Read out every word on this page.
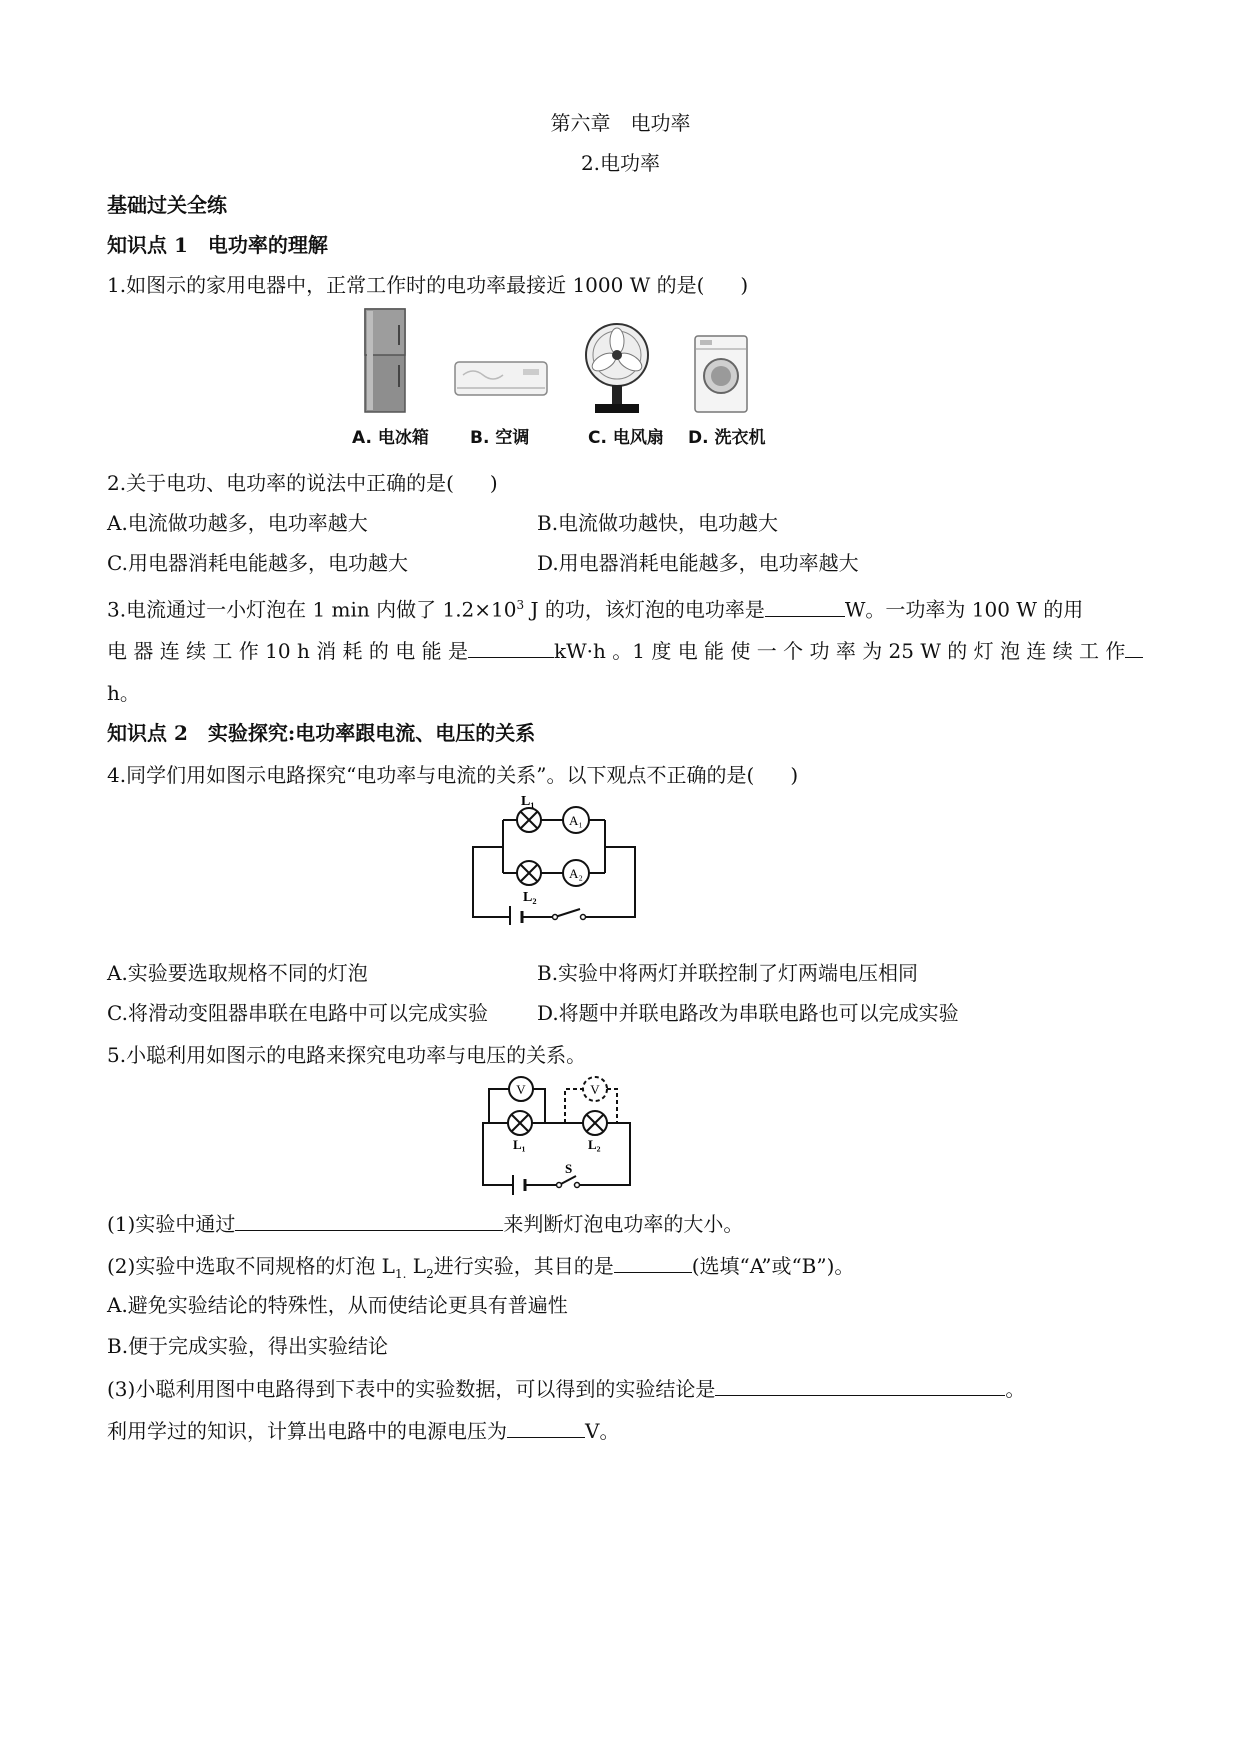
第六章　电功率
2.电功率
基础过关全练
知识点 1　电功率的理解
1.如图示的家用电器中，正常工作时的电功率最接近 1000 W 的是( )
A. 电冰箱 B. 空调	C. 电风扇 D. 洗衣机
2.关于电功、电功率的说法中正确的是( )
A.电流做功越多，电功率越大	B.电流做功越快，电功越大
C.用电器消耗电能越多，电功越大	D.用电器消耗电能越多，电功率越大
3.电流通过一小灯泡在 1 min 内做了 $1.2\times 10^3$ J 的功，该灯泡的电功率是	W。一功率为 100 W 的用
电 器 连 续 工 作 10 h 消 耗 的 电 能 是	kW·h 。1 度 电 能 使 一 个 功 率 为 25 W 的 灯 泡 连 续 工 作
h。
知识点 2　实验探究:电功率跟电流、电压的关系
4.同学们用如图示电路探究“电功率与电流的关系”。以下观点不正确的是( )
A₁
A₂
L₁
L₂
A.实验要选取规格不同的灯泡	B.实验中将两灯并联控制了灯两端电压相同
C.将滑动变阻器串联在电路中可以完成实验 D.将题中并联电路改为串联电路也可以完成实验
5.小聪利用如图示的电路来探究电功率与电压的关系。
V	V
L₁	L₂
S
(1)实验中通过	来判断灯泡电功率的大小。
(2)实验中选取不同规格的灯泡 $L_{1.}$ $L_2$进行实验，其目的是	(选填“A”或“B”)。
A.避免实验结论的特殊性，从而使结论更具有普遍性
B.便于完成实验，得出实验结论
(3)小聪利用图中电路得到下表中的实验数据，可以得到的实验结论是	。
利用学过的知识，计算出电路中的电源电压为	V。
